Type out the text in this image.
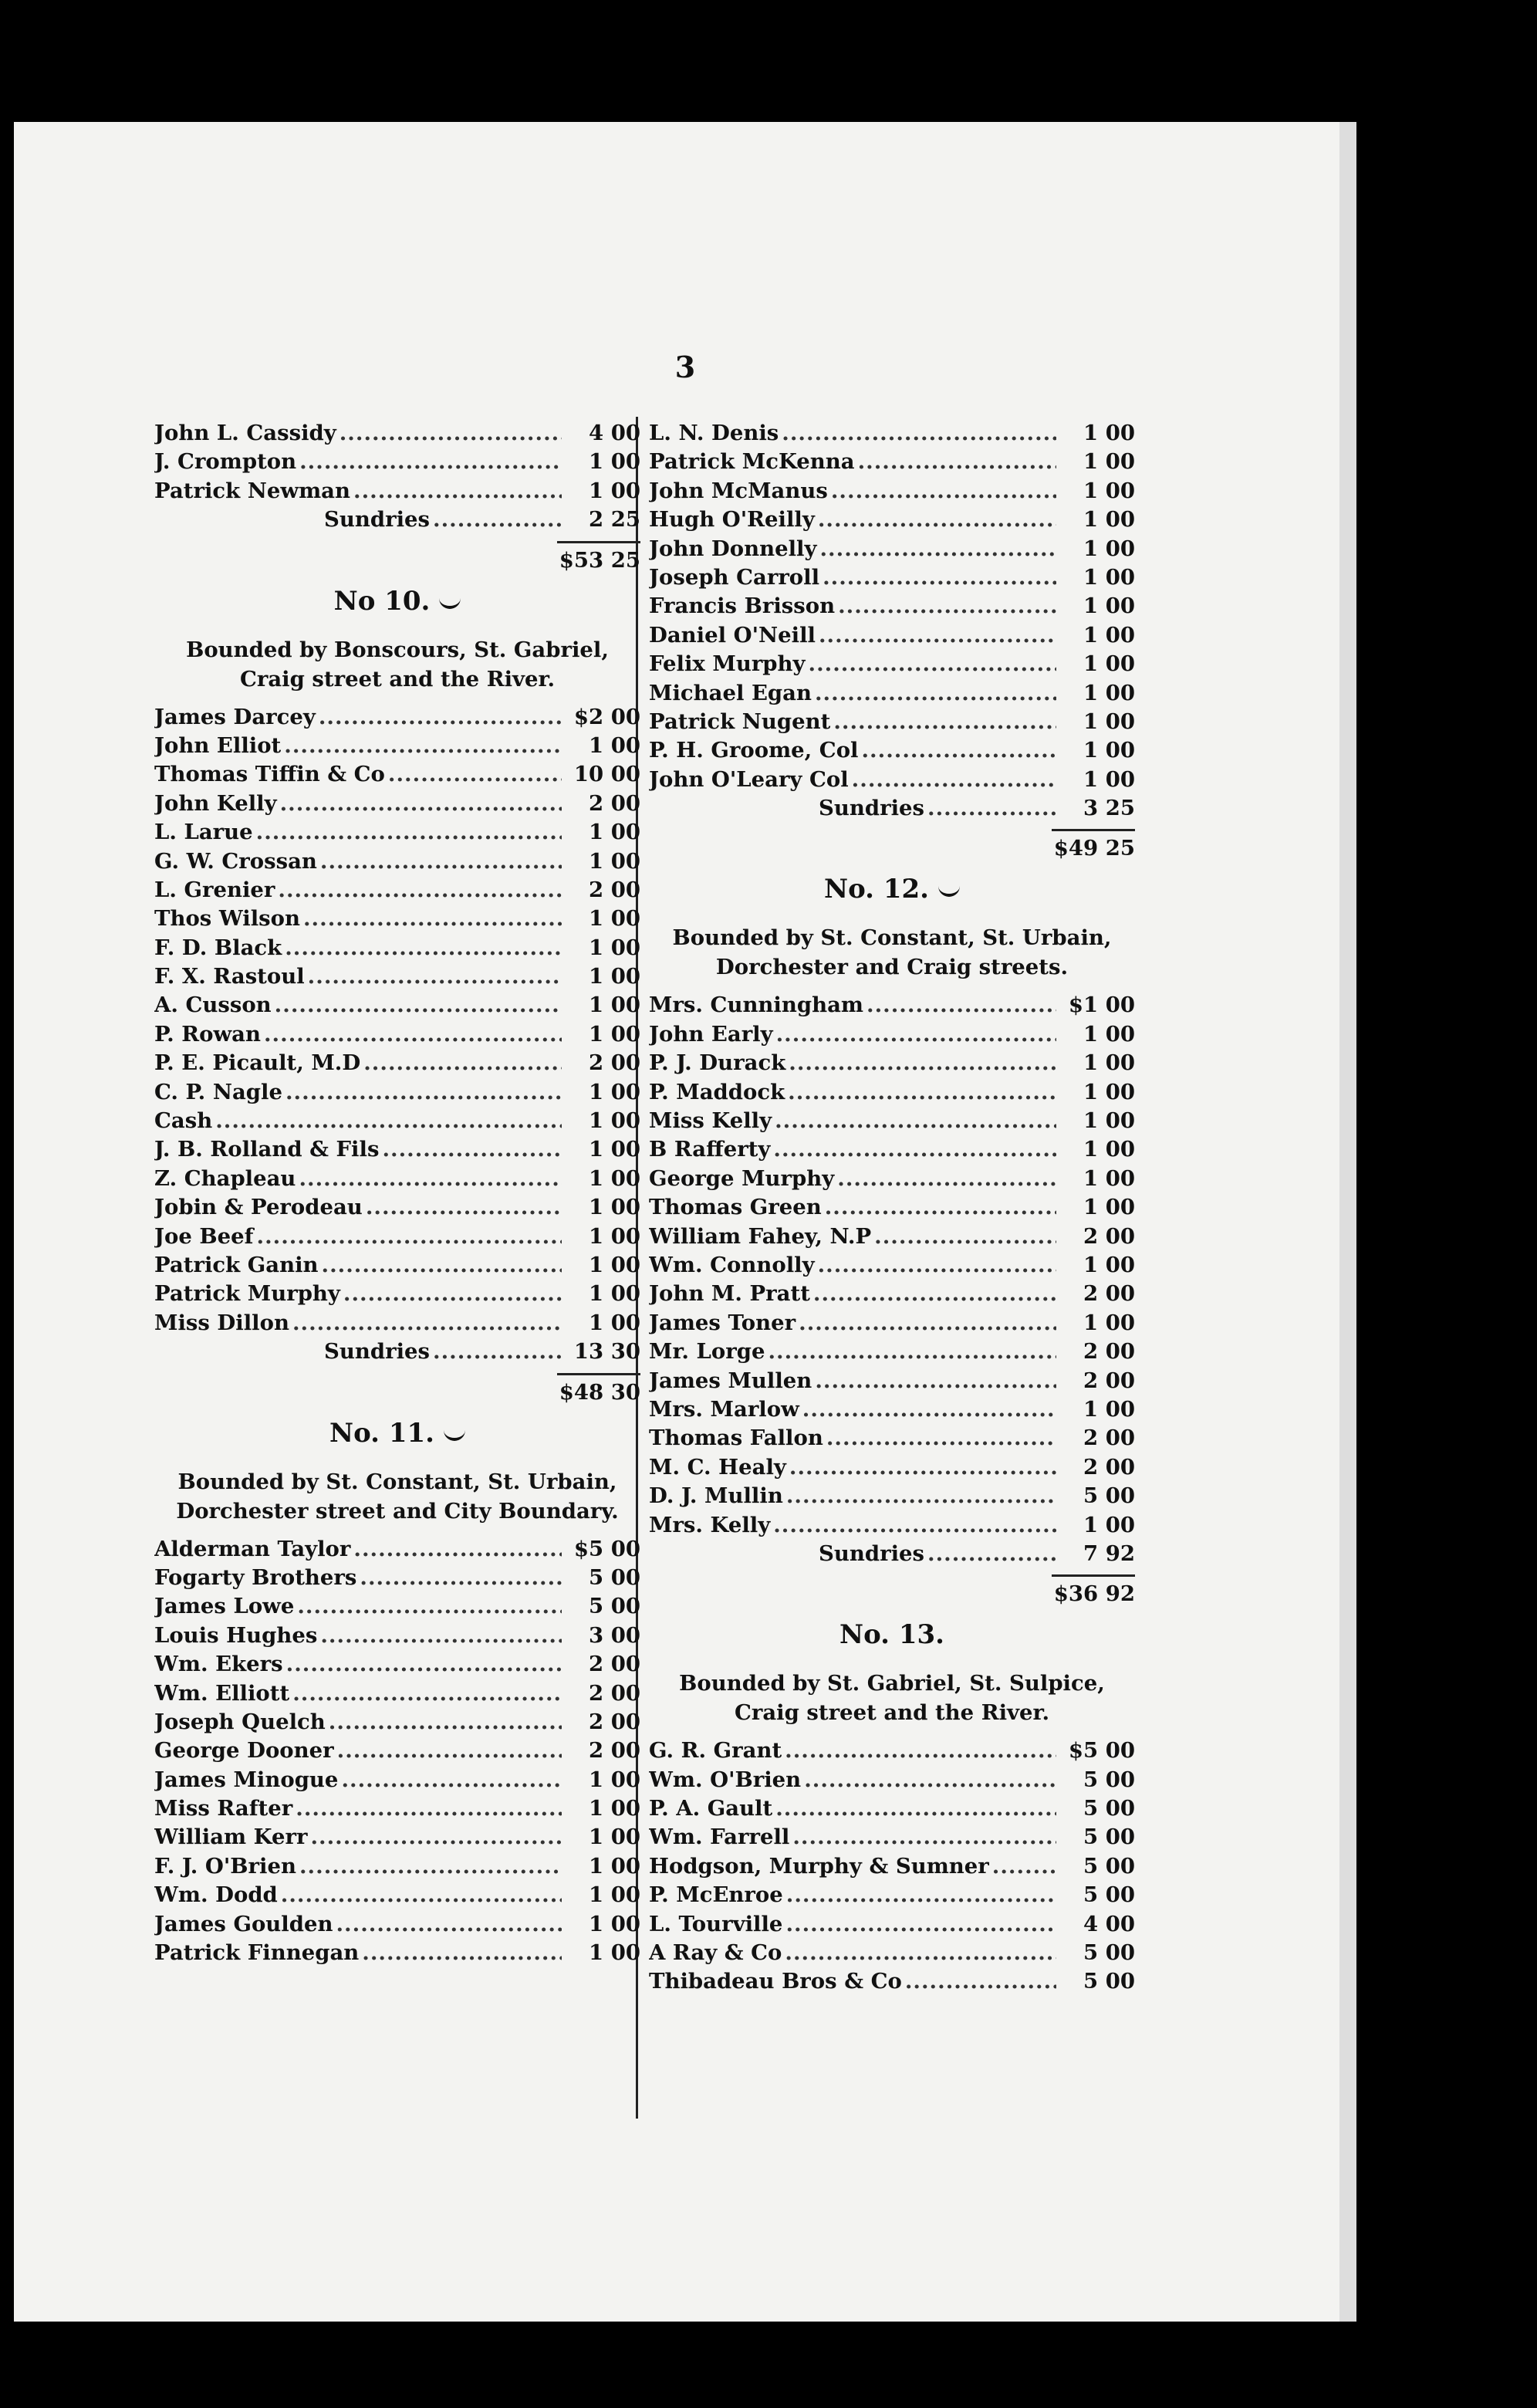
3
John L. Cassidy .....	4 00
J. Crompton .....	1 00
Patrick Newman .....	1 00
Sundries .....	2 25
$53 25
No 10.
Bounded by Bonscours, St. Gabriel, Craig street and the River.
James Darcey .....	$2 00
John Elliot .....	1 00
Thomas Tiffin & Co .....	10 00
John Kelly .....	2 00
L. Larue .....	1 00
G. W. Crossan .....	1 00
L. Grenier .....	2 00
Thos Wilson .....	1 00
F. D. Black .....	1 00
F. X. Rastoul .....	1 00
A. Cusson .....	1 00
P. Rowan .....	1 00
P. E. Picault, M.D .....	2 00
C. P. Nagle .....	1 00
Cash .....	1 00
J. B. Rolland & Fils .....	1 00
Z. Chapleau .....	1 00
Jobin & Perodeau .....	1 00
Joe Beef .....	1 00
Patrick Ganin .....	1 00
Patrick Murphy .....	1 00
Miss Dillon .....	1 00
Sundries .....	13 30
$48 30
No. 11.
Bounded by St. Constant, St. Urbain, Dorchester street and City Boundary.
Alderman Taylor .....	$5 00
Fogarty Brothers .....	5 00
James Lowe .....	5 00
Louis Hughes .....	3 00
Wm. Ekers .....	2 00
Wm. Elliott .....	2 00
Joseph Quelch .....	2 00
George Dooner .....	2 00
James Minogue .....	1 00
Miss Rafter .....	1 00
William Kerr .....	1 00
F. J. O'Brien .....	1 00
Wm. Dodd .....	1 00
James Goulden .....	1 00
Patrick Finnegan .....	1 00
L. N. Denis .....	1 00
Patrick McKenna .....	1 00
John McManus .....	1 00
Hugh O'Reilly .....	1 00
John Donnelly .....	1 00
Joseph Carroll .....	1 00
Francis Brisson .....	1 00
Daniel O'Neill .....	1 00
Felix Murphy .....	1 00
Michael Egan .....	1 00
Patrick Nugent .....	1 00
P. H. Groome, Col .....	1 00
John O'Leary Col .....	1 00
Sundries .....	3 25
$49 25
No. 12.
Bounded by St. Constant, St. Urbain, Dorchester and Craig streets.
Mrs. Cunningham .....	$1 00
John Early .....	1 00
P. J. Durack .....	1 00
P. Maddock .....	1 00
Miss Kelly .....	1 00
B Rafferty .....	1 00
George Murphy .....	1 00
Thomas Green .....	1 00
William Fahey, N.P .....	2 00
Wm. Connolly .....	1 00
John M. Pratt .....	2 00
James Toner .....	1 00
Mr. Lorge .....	2 00
James Mullen .....	2 00
Mrs. Marlow .....	1 00
Thomas Fallon .....	2 00
M. C. Healy .....	2 00
D. J. Mullin .....	5 00
Mrs. Kelly .....	1 00
Sundries .....	7 92
$36 92
No. 13.
Bounded by St. Gabriel, St. Sulpice, Craig street and the River.
G. R. Grant .....	$5 00
Wm. O'Brien .....	5 00
P. A. Gault .....	5 00
Wm. Farrell .....	5 00
Hodgson, Murphy & Sumner .....	5 00
P. McEnroe .....	5 00
L. Tourville .....	4 00
A Ray & Co .....	5 00
Thibadeau Bros & Co .....	5 00
